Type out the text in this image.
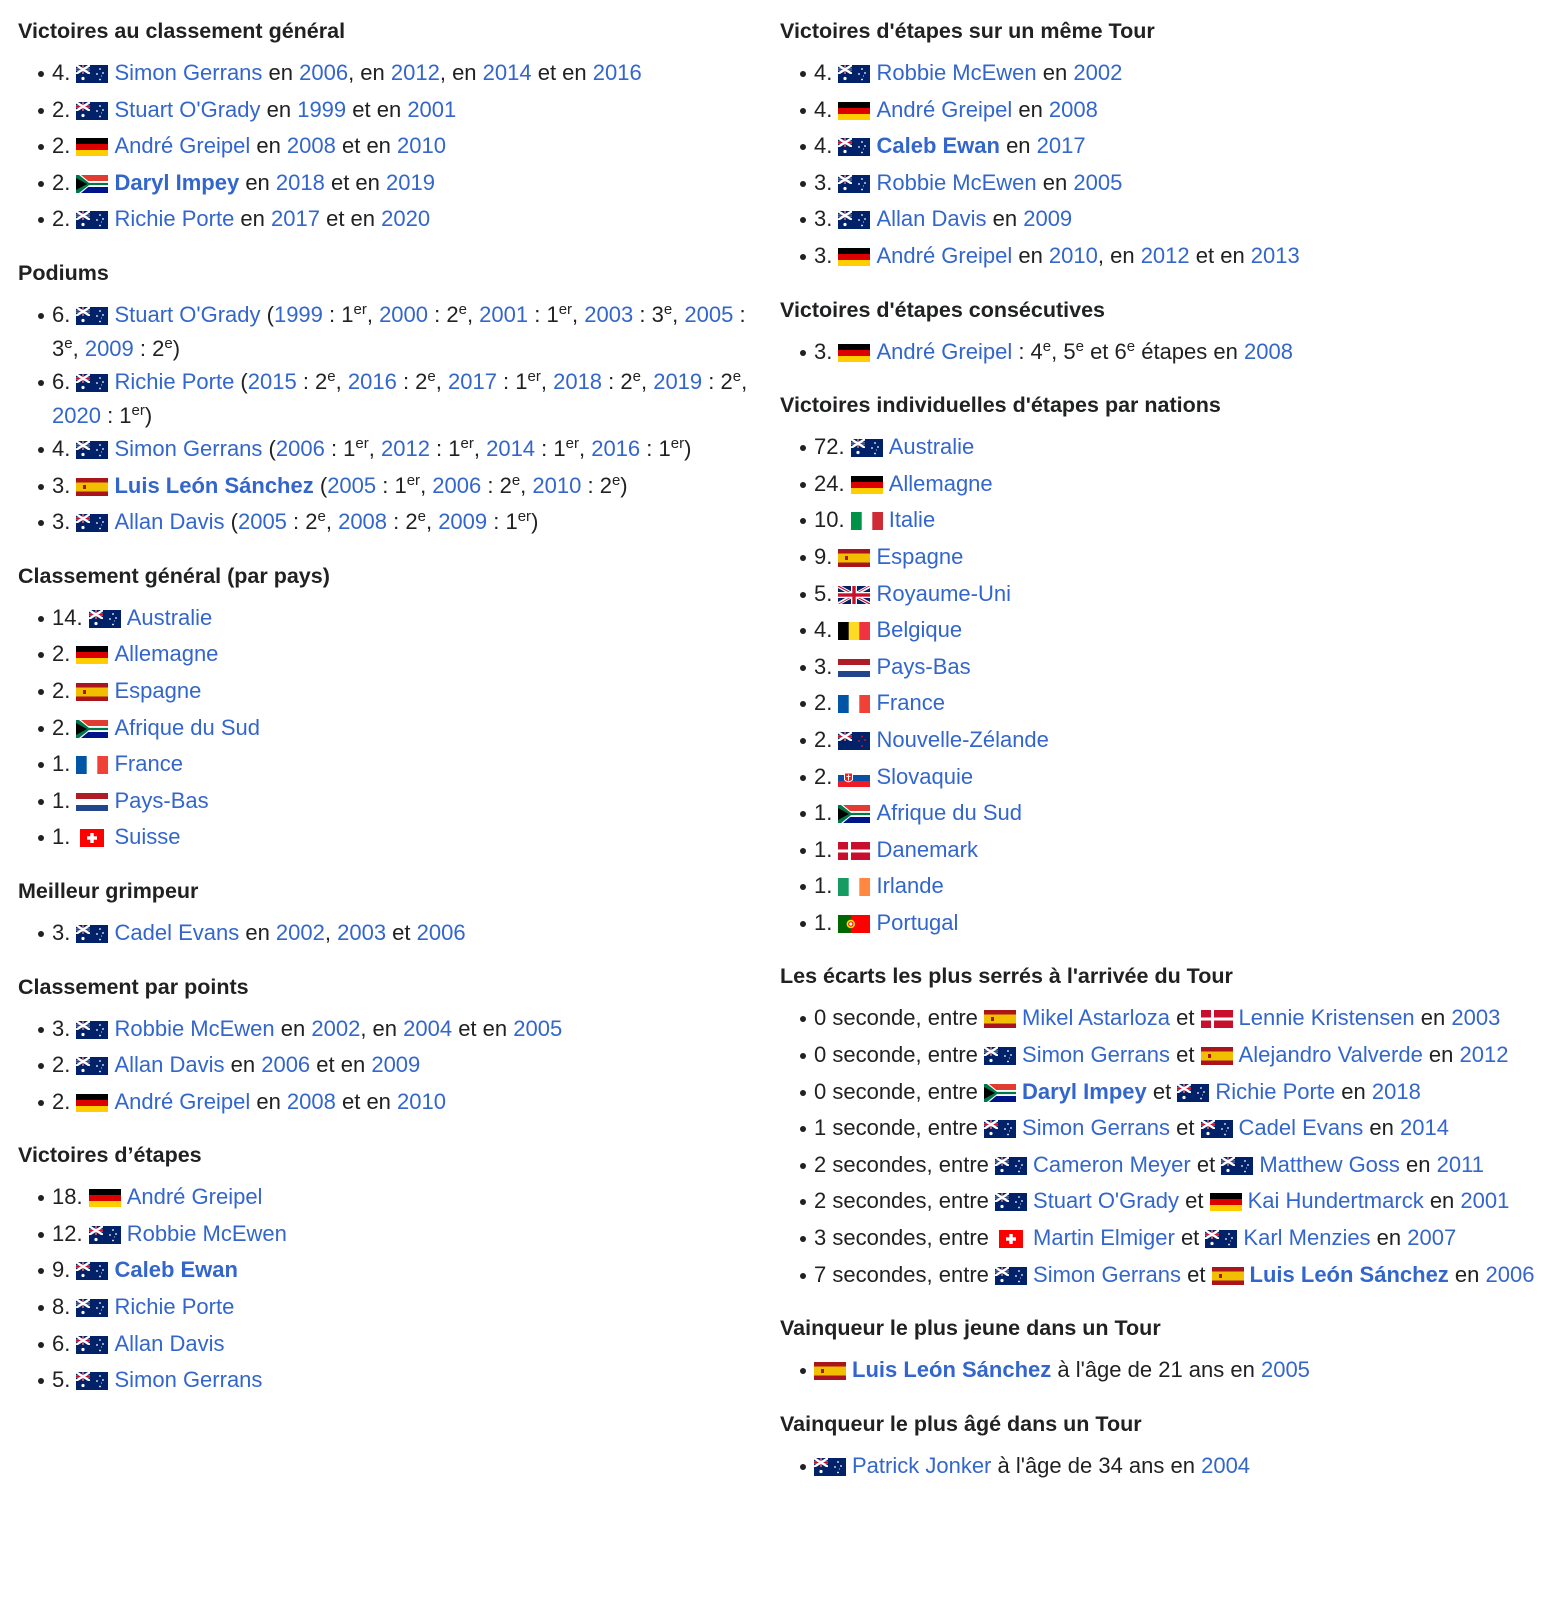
Victoires au classement général
4.
Simon Gerrans en 2006, en 2012, en 2014 et en 2016
2.
Stuart O'Grady en 1999 et en 2001
2.
André Greipel en 2008 et en 2010
2.
Daryl Impey en 2018 et en 2019
2.
Richie Porte en 2017 et en 2020
Podiums
6.
Stuart O'Grady (1999 : 1er, 2000 : 2e, 2001 : 1er, 2003 : 3e, 2005 : 3e, 2009 : 2e)
6.
Richie Porte (2015 : 2e, 2016 : 2e, 2017 : 1er, 2018 : 2e, 2019 : 2e, 2020 : 1er)
4.
Simon Gerrans (2006 : 1er, 2012 : 1er, 2014 : 1er, 2016 : 1er)
3.
Luis León Sánchez (2005 : 1er, 2006 : 2e, 2010 : 2e)
3.
Allan Davis (2005 : 2e, 2008 : 2e, 2009 : 1er)
Classement général (par pays)
14.
Australie
2.
Allemagne
2.
Espagne
2.
Afrique du Sud
1.
France
1.
Pays-Bas
1.
Suisse
Meilleur grimpeur
3.
Cadel Evans en 2002, 2003 et 2006
Classement par points
3.
Robbie McEwen en 2002, en 2004 et en 2005
2.
Allan Davis en 2006 et en 2009
2.
André Greipel en 2008 et en 2010
Victoires d’étapes
18.
André Greipel
12.
Robbie McEwen
9.
Caleb Ewan
8.
Richie Porte
6.
Allan Davis
5.
Simon Gerrans
Victoires d'étapes sur un même Tour
4.
Robbie McEwen en 2002
4.
André Greipel en 2008
4.
Caleb Ewan en 2017
3.
Robbie McEwen en 2005
3.
Allan Davis en 2009
3.
André Greipel en 2010, en 2012 et en 2013
Victoires d'étapes consécutives
3.
André Greipel : 4e, 5e et 6e étapes en 2008
Victoires individuelles d'étapes par nations
72.
Australie
24.
Allemagne
10.
Italie
9.
Espagne
5.
Royaume-Uni
4.
Belgique
3.
Pays-Bas
2.
France
2.
Nouvelle-Zélande
2.
Slovaquie
1.
Afrique du Sud
1.
Danemark
1.
Irlande
1.
Portugal
Les écarts les plus serrés à l'arrivée du Tour
0 seconde, entre
Mikel Astarloza et
Lennie Kristensen en 2003
0 seconde, entre
Simon Gerrans et
Alejandro Valverde en 2012
0 seconde, entre
Daryl Impey et
Richie Porte en 2018
1 seconde, entre
Simon Gerrans et
Cadel Evans en 2014
2 secondes, entre
Cameron Meyer et
Matthew Goss en 2011
2 secondes, entre
Stuart O'Grady et
Kai Hundertmarck en 2001
3 secondes, entre
Martin Elmiger et
Karl Menzies en 2007
7 secondes, entre
Simon Gerrans et
Luis León Sánchez en 2006
Vainqueur le plus jeune dans un Tour
Luis León Sánchez à l'âge de 21 ans en 2005
Vainqueur le plus âgé dans un Tour
Patrick Jonker à l'âge de 34 ans en 2004
